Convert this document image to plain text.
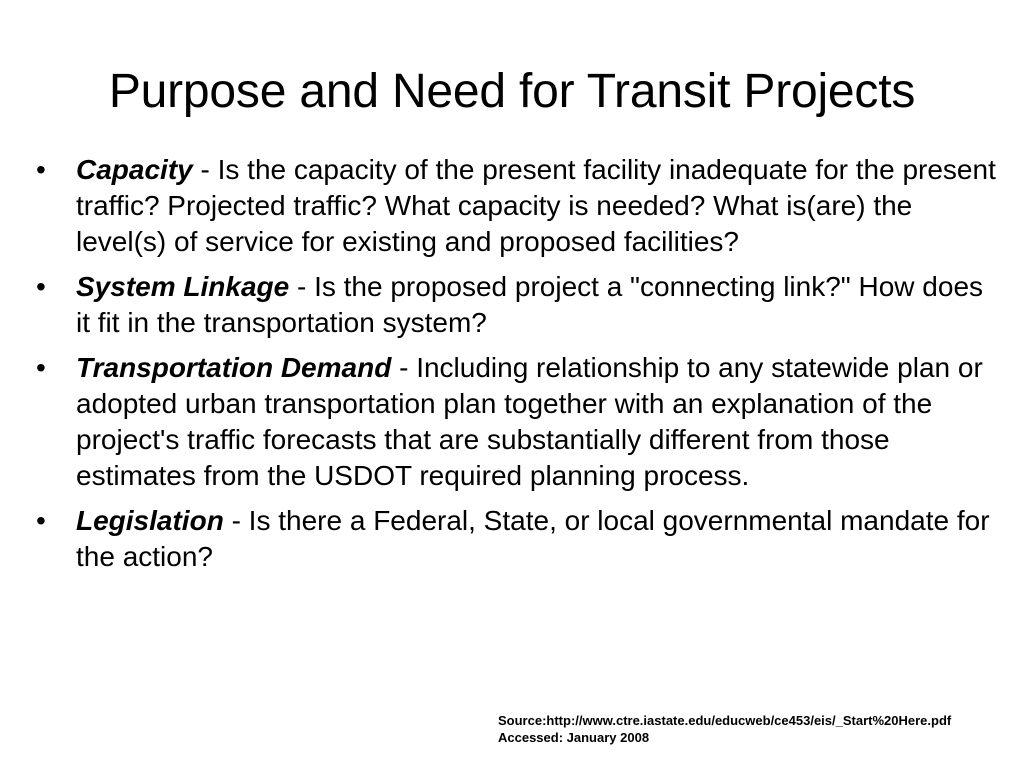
Purpose and Need for Transit Projects
•	Capacity - Is the capacity of the present facility inadequate for the present traffic? Projected traffic? What capacity is needed? What is(are) the level(s) of service for existing and proposed facilities?
•	System Linkage - Is the proposed project a "connecting link?" How does it fit in the transportation system?
•	Transportation Demand - Including relationship to any statewide plan or adopted urban transportation plan together with an explanation of the project's traffic forecasts that are substantially different from those estimates from the USDOT required planning process.
•	Legislation - Is there a Federal, State, or local governmental mandate for the action?
Source:http://www.ctre.iastate.edu/educweb/ce453/eis/_Start%20Here.pdf
Accessed: January 2008
